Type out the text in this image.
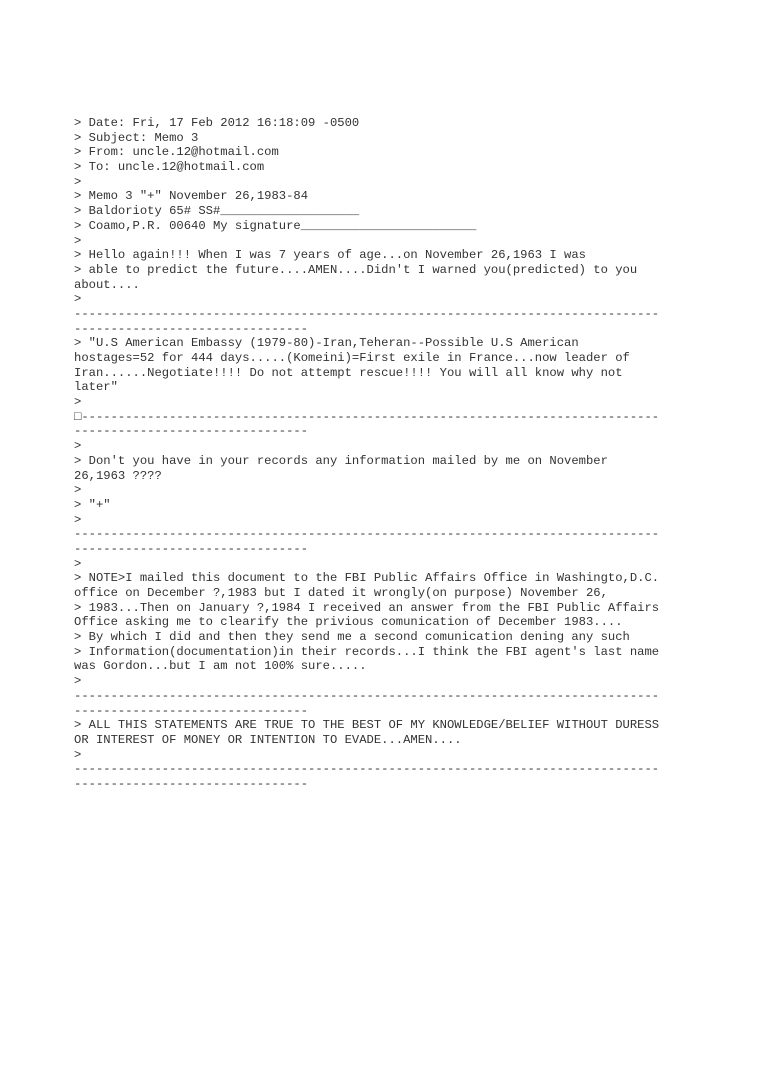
> Date: Fri, 17 Feb 2012 16:18:09 -0500
> Subject: Memo 3
> From: uncle.12@hotmail.com
> To: uncle.12@hotmail.com
>
> Memo 3 "+" November 26,1983-84
> Baldorioty 65# SS#___________________
> Coamo,P.R. 00640 My signature________________________
>
> Hello again!!! When I was 7 years of age...on November 26,1963 I was
> able to predict the future....AMEN....Didn't I warned you(predicted) to you
about....
>
--------------------------------------------------------------------------------
--------------------------------
> "U.S American Embassy (1979-80)-Iran,Teheran--Possible U.S American
hostages=52 for 444 days.....(Komeini)=First exile in France...now leader of
Iran......Negotiate!!!! Do not attempt rescue!!!! You will all know why not
later"
>
□-------------------------------------------------------------------------------
--------------------------------
>
> Don't you have in your records any information mailed by me on November
26,1963 ????
>
> "+"
>
--------------------------------------------------------------------------------
--------------------------------
>
> NOTE>I mailed this document to the FBI Public Affairs Office in Washingto,D.C.
office on December ?,1983 but I dated it wrongly(on purpose) November 26,
> 1983...Then on January ?,1984 I received an answer from the FBI Public Affairs
Office asking me to clearify the privious comunication of December 1983....
> By which I did and then they send me a second comunication dening any such
> Information(documentation)in their records...I think the FBI agent's last name
was Gordon...but I am not 100% sure.....
>
--------------------------------------------------------------------------------
--------------------------------
> ALL THIS STATEMENTS ARE TRUE TO THE BEST OF MY KNOWLEDGE/BELIEF WITHOUT DURESS
OR INTEREST OF MONEY OR INTENTION TO EVADE...AMEN....
>
--------------------------------------------------------------------------------
--------------------------------
